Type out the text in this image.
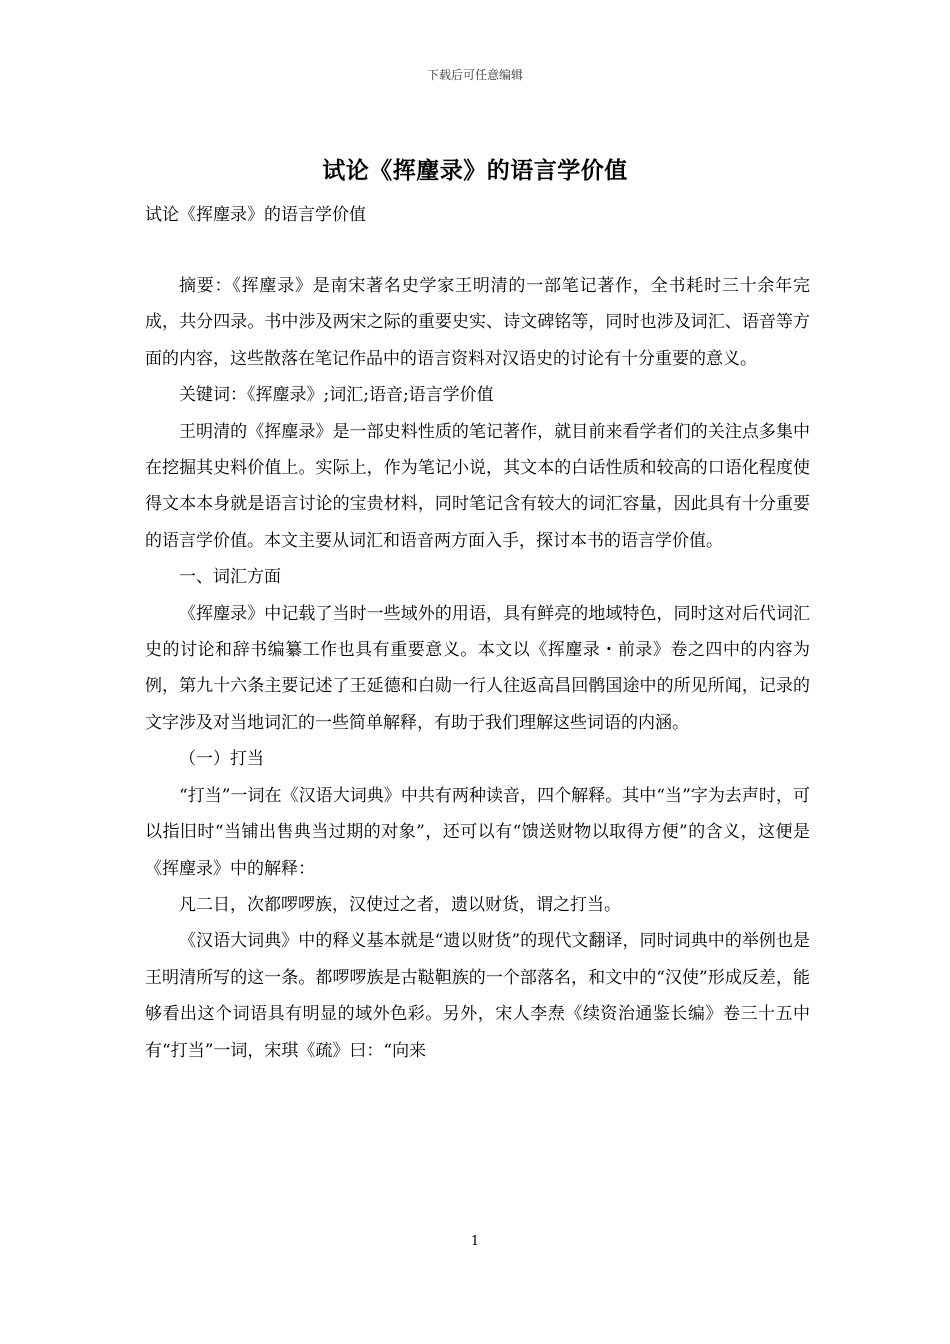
下载后可任意编辑
试论《挥麈录》的语言学价值
试论《挥麈录》的语言学价值

摘要：《挥麈录》是南宋著名史学家王明清的一部笔记著作，全书耗时三十余年完成，共分四录。书中涉及两宋之际的重要史实、诗文碑铭等，同时也涉及词汇、语音等方面的内容，这些散落在笔记作品中的语言资料对汉语史的讨论有十分重要的意义。

关键词：《挥麈录》;词汇;语音;语言学价值

王明清的《挥麈录》是一部史料性质的笔记著作，就目前来看学者们的关注点多集中在挖掘其史料价值上。实际上，作为笔记小说，其文本的白话性质和较高的口语化程度使得文本本身就是语言讨论的宝贵材料，同时笔记含有较大的词汇容量，因此具有十分重要的语言学价值。本文主要从词汇和语音两方面入手，探讨本书的语言学价值。

一、词汇方面

《挥麈录》中记载了当时一些域外的用语，具有鲜亮的地域特色，同时这对后代词汇史的讨论和辞书编纂工作也具有重要意义。本文以《挥麈录・前录》卷之四中的内容为例，第九十六条主要记述了王延德和白勋一行人往返高昌回鹘国途中的所见所闻，记录的文字涉及对当地词汇的一些简单解释，有助于我们理解这些词语的内涵。

（一）打当

“打当”一词在《汉语大词典》中共有两种读音，四个解释。其中“当”字为去声时，可以指旧时“当铺出售典当过期的对象”，还可以有“馈送财物以取得方便”的含义，这便是《挥麈录》中的解释：

凡二日，次都啰啰族，汉使过之者，遗以财货，谓之打当。

《汉语大词典》中的释义基本就是“遗以财货”的现代文翻译，同时词典中的举例也是王明清所写的这一条。都啰啰族是古鞑靼族的一个部落名，和文中的“汉使”形成反差，能够看出这个词语具有明显的域外色彩。另外，宋人李焘《续资治通鉴长编》卷三十五中有“打当”一词，宋琪《疏》曰：“向来

1
